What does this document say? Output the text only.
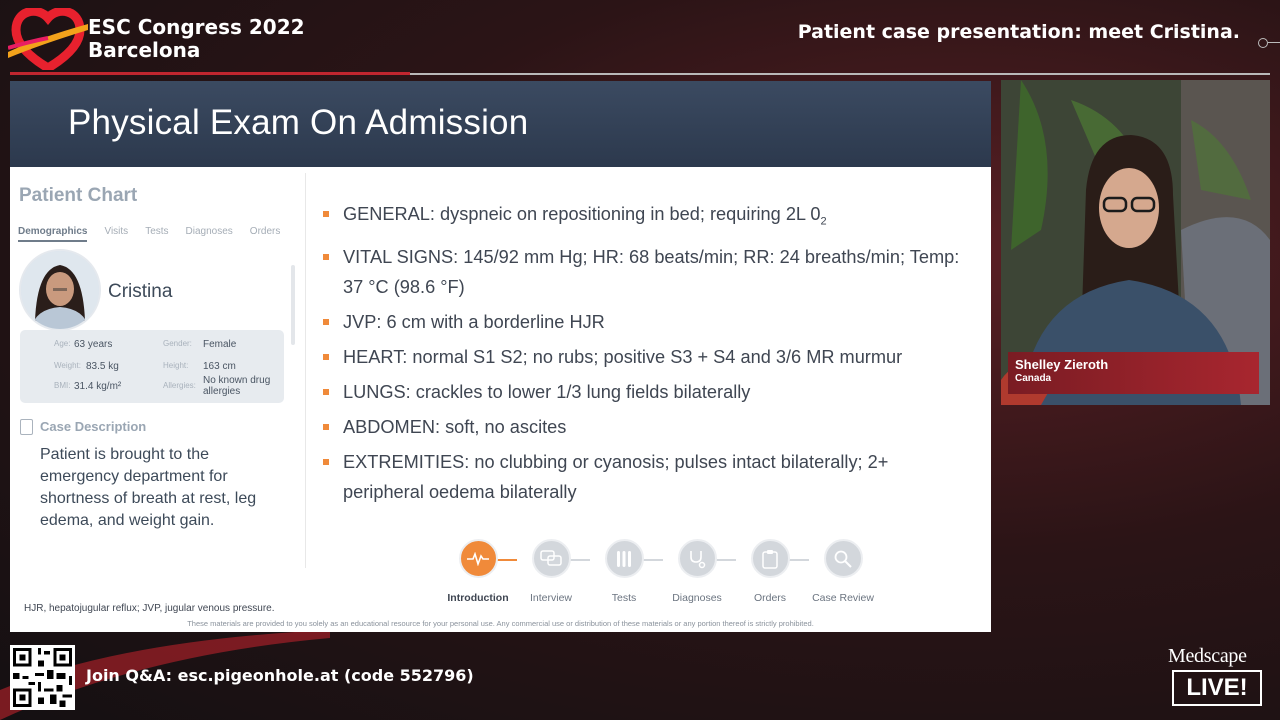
ESC Congress 2022
Barcelona
Patient case presentation: meet Cristina.
Physical Exam On Admission
Patient Chart
Demographics Visits Tests Diagnoses Orders
Cristina
Age: 63 years	Gender: Female
Weight: 83.5 kg	Height: 163 cm
BMI: 31.4 kg/m²	Allergies: No known drug allergies
Case Description
Patient is brought to the emergency department for shortness of breath at rest, leg edema, and weight gain.
GENERAL: dyspneic on repositioning in bed; requiring 2L $0_2$
VITAL SIGNS: 145/92 mm Hg; HR: 68 beats/min; RR: 24 breaths/min; Temp: 37 °C (98.6 °F)
JVP: 6 cm with a borderline HJR
HEART: normal S1 S2; no rubs; positive S3 + S4 and 3/6 MR murmur
LUNGS: crackles to lower 1/3 lung fields bilaterally
ABDOMEN: soft, no ascites
EXTREMITIES: no clubbing or cyanosis; pulses intact bilaterally; 2+ peripheral oedema bilaterally
Introduction	Interview	Tests	Diagnoses	Orders	Case Review
HJR, hepatojugular reflux; JVP, jugular venous pressure.
These materials are provided to you solely as an educational resource for your personal use. Any commercial use or distribution of these materials or any portion thereof is strictly prohibited.
Shelley Zieroth
Canada
Join Q&A: esc.pigeonhole.at (code 552796)
Medscape
LIVE!
